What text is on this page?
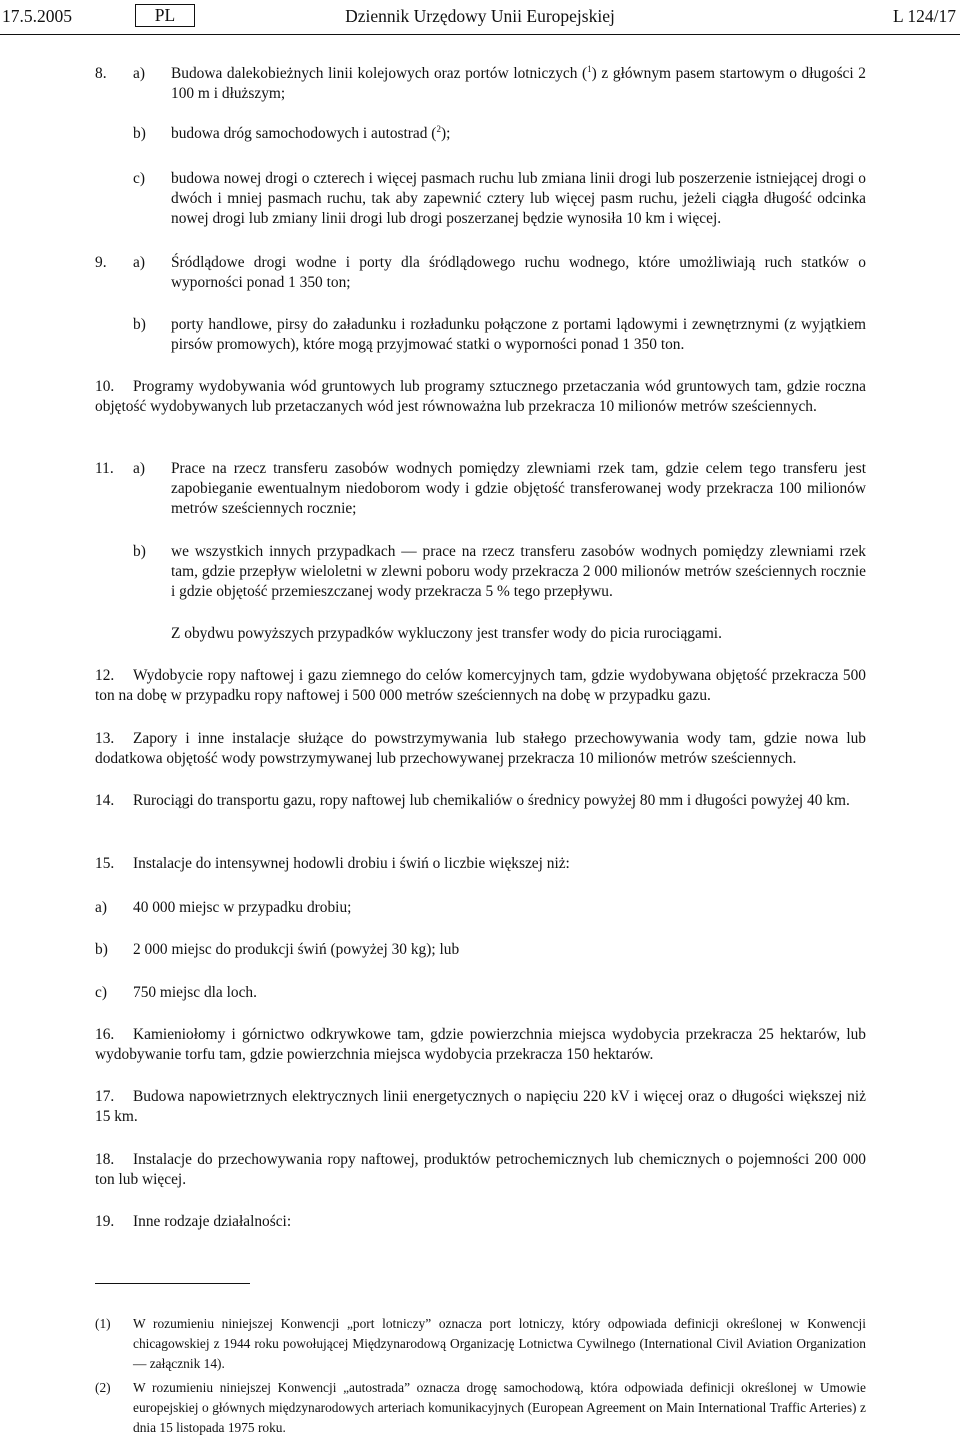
17.5.2005	PL	Dziennik Urzędowy Unii Europejskiej	L 124/17
8. a) Budowa dalekobieżnych linii kolejowych oraz portów lotniczych ($^1$) z głównym pasem startowym o długości 2 100 m i dłuższym;
b) budowa dróg samochodowych i autostrad ($^2$);
c) budowa nowej drogi o czterech i więcej pasmach ruchu lub zmiana linii drogi lub poszerzenie istniejącej drogi o dwóch i mniej pasmach ruchu, tak aby zapewnić cztery lub więcej pasm ruchu, jeżeli ciągła długość odcinka nowej drogi lub zmiany linii drogi lub drogi poszerzanej będzie wynosiła 10 km i więcej.
9. a) Śródlądowe drogi wodne i porty dla śródlądowego ruchu wodnego, które umożliwiają ruch statków o wyporności ponad 1 350 ton;
b) porty handlowe, pirsy do załadunku i rozładunku połączone z portami lądowymi i zewnętrznymi (z wyjątkiem pirsów promowych), które mogą przyjmować statki o wyporności ponad 1 350 ton.
Programy wydobywania wód gruntowych lub programy sztucznego przetaczania wód gruntowych tam, gdzie roczna objętość wydobywanych lub przetaczanych wód jest równoważna lub przekracza 10 milionów metrów sześciennych.
10.
11. a) Prace na rzecz transferu zasobów wodnych pomiędzy zlewniami rzek tam, gdzie celem tego transferu jest zapobieganie ewentualnym niedoborom wody i gdzie objętość transferowanej wody przekracza 100 milionów metrów sześciennych rocznie;
b) we wszystkich innych przypadkach — prace na rzecz transferu zasobów wodnych pomiędzy zlewniami rzek tam, gdzie przepływ wieloletni w zlewni poboru wody przekracza 2 000 milionów metrów sześciennych rocznie i gdzie objętość przemieszczanej wody przekracza 5 % tego przepływu.
Z obydwu powyższych przypadków wykluczony jest transfer wody do picia rurociągami.
Wydobycie ropy naftowej i gazu ziemnego do celów komercyjnych tam, gdzie wydobywana objętość przekracza 500 ton na dobę w przypadku ropy naftowej i 500 000 metrów sześciennych na dobę w przypadku gazu.
12.
Zapory i inne instalacje służące do powstrzymywania lub stałego przechowywania wody tam, gdzie nowa lub dodatkowa objętość wody powstrzymywanej lub przechowywanej przekracza 10 milionów metrów sześciennych.
13.
Rurociągi do transportu gazu, ropy naftowej lub chemikaliów o średnicy powyżej 80 mm i długości powyżej 40 km.
14.
Instalacje do intensywnej hodowli drobiu i świń o liczbie większej niż:
15.
a) 40 000 miejsc w przypadku drobiu;
b) 2 000 miejsc do produkcji świń (powyżej 30 kg); lub
c) 750 miejsc dla loch.
Kamieniołomy i górnictwo odkrywkowe tam, gdzie powierzchnia miejsca wydobycia przekracza 25 hektarów, lub wydobywanie torfu tam, gdzie powierzchnia miejsca wydobycia przekracza 150 hektarów.
16.
Budowa napowietrznych elektrycznych linii energetycznych o napięciu 220 kV i więcej oraz o długości większej niż 15 km.
17.
Instalacje do przechowywania ropy naftowej, produktów petrochemicznych lub chemicznych o pojemności 200 000 ton lub więcej.
18.
Inne rodzaje działalności:
19.
(1) W rozumieniu niniejszej Konwencji „port lotniczy” oznacza port lotniczy, który odpowiada definicji określonej w Konwencji chicagowskiej z 1944 roku powołującej Międzynarodową Organizację Lotnictwa Cywilnego (International Civil Aviation Organization — załącznik 14).
(2) W rozumieniu niniejszej Konwencji „autostrada” oznacza drogę samochodową, która odpowiada definicji określonej w Umowie europejskiej o głównych międzynarodowych arteriach komunikacyjnych (European Agreement on Main International Traffic Arteries) z dnia 15 listopada 1975 roku.
